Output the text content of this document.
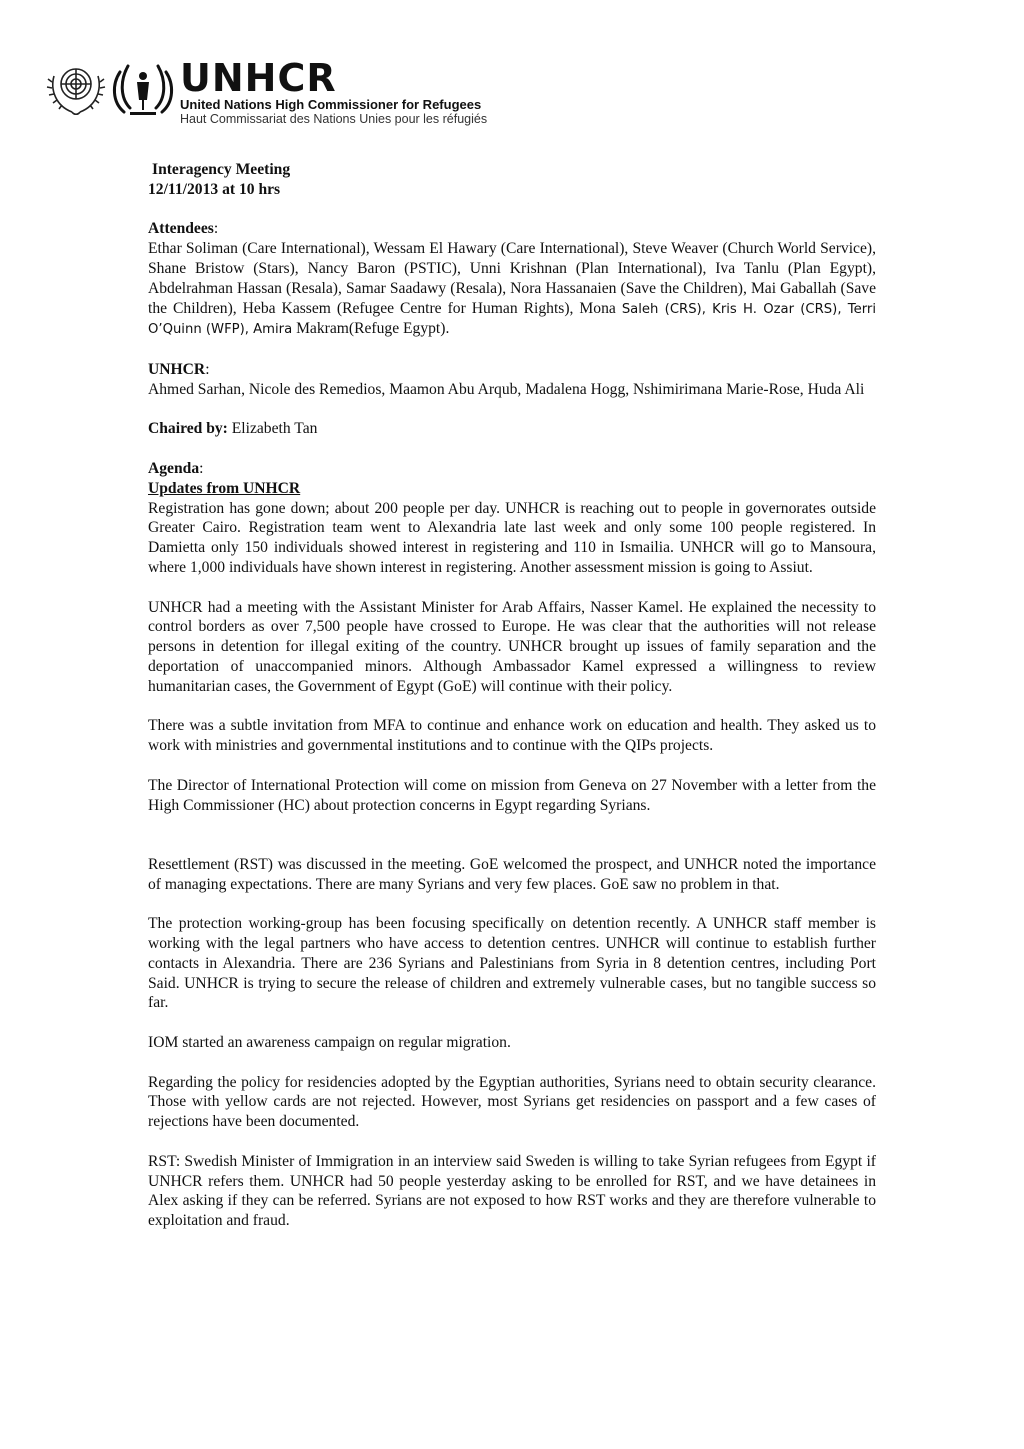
UNHCR
United Nations High Commissioner for Refugees
Haut Commissariat des Nations Unies pour les réfugiés

Interagency Meeting

12/11/2013 at 10 hrs

Attendees:

Ethar Soliman (Care International), Wessam El Hawary (Care International), Steve Weaver (Church World Service), Shane Bristow (Stars), Nancy Baron (PSTIC), Unni Krishnan (Plan International), Iva Tanlu (Plan Egypt), Abdelrahman Hassan (Resala), Samar Saadawy (Resala), Nora Hassanaien (Save the Children), Mai Gaballah (Save the Children), Heba Kassem (Refugee Centre for Human Rights), Mona Saleh (CRS), Kris H. Ozar (CRS), Terri O’Quinn (WFP), Amira Makram(Refuge Egypt).

UNHCR:

Ahmed Sarhan, Nicole des Remedios, Maamon Abu Arqub, Madalena Hogg, Nshimirimana Marie-Rose, Huda Ali

Chaired by: Elizabeth Tan

Agenda:

Updates from UNHCR

Registration has gone down; about 200 people per day. UNHCR is reaching out to people in governorates outside Greater Cairo. Registration team went to Alexandria late last week and only some 100 people registered. In Damietta only 150 individuals showed interest in registering and 110 in Ismailia. UNHCR will go to Mansoura, where 1,000 individuals have shown interest in registering. Another assessment mission is going to Assiut.

UNHCR had a meeting with the Assistant Minister for Arab Affairs, Nasser Kamel. He explained the necessity to control borders as over 7,500 people have crossed to Europe. He was clear that the authorities will not release persons in detention for illegal exiting of the country. UNHCR brought up issues of family separation and the deportation of unaccompanied minors. Although Ambassador Kamel expressed a willingness to review humanitarian cases, the Government of Egypt (GoE) will continue with their policy.

There was a subtle invitation from MFA to continue and enhance work on education and health. They asked us to work with ministries and governmental institutions and to continue with the QIPs projects.

The Director of International Protection will come on mission from Geneva on 27 November with a letter from the High Commissioner (HC) about protection concerns in Egypt regarding Syrians.

Resettlement (RST) was discussed in the meeting. GoE welcomed the prospect, and UNHCR noted the importance of managing expectations. There are many Syrians and very few places. GoE saw no problem in that.

The protection working-group has been focusing specifically on detention recently. A UNHCR staff member is working with the legal partners who have access to detention centres. UNHCR will continue to establish further contacts in Alexandria. There are 236 Syrians and Palestinians from Syria in 8 detention centres, including Port Said. UNHCR is trying to secure the release of children and extremely vulnerable cases, but no tangible success so far.

IOM started an awareness campaign on regular migration.

Regarding the policy for residencies adopted by the Egyptian authorities, Syrians need to obtain security clearance. Those with yellow cards are not rejected. However, most Syrians get residencies on passport and a few cases of rejections have been documented.

RST: Swedish Minister of Immigration in an interview said Sweden is willing to take Syrian refugees from Egypt if UNHCR refers them. UNHCR had 50 people yesterday asking to be enrolled for RST, and we have detainees in Alex asking if they can be referred. Syrians are not exposed to how RST works and they are therefore vulnerable to exploitation and fraud.
